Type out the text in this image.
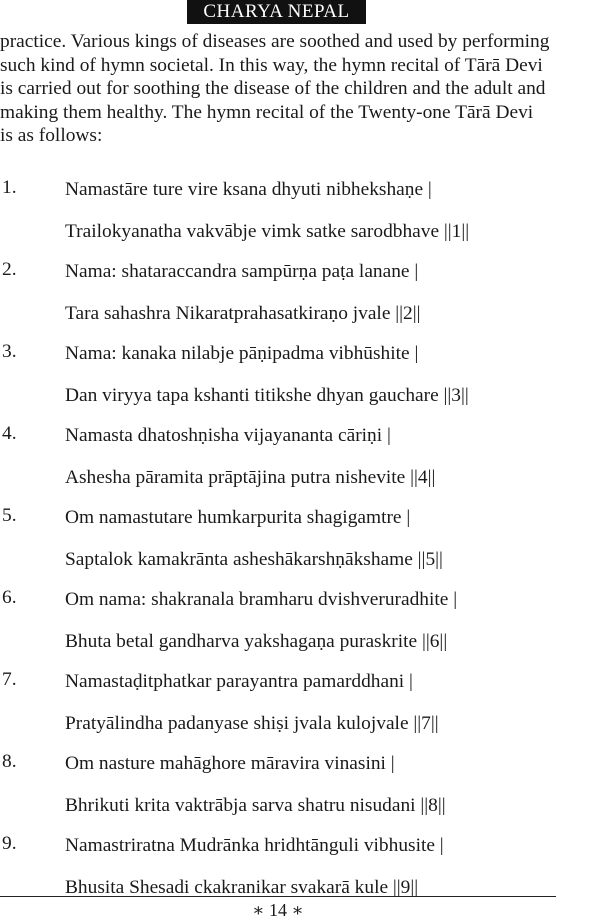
CHARYA NEPAL
practice. Various kings of diseases are soothed and used by performing
such kind of hymn societal. In this way, the hymn recital of Tārā Devi
is carried out for soothing the disease of the children and the adult and
making them healthy. The hymn recital of the Twenty-one Tārā Devi
is as follows:
1. Namastāre ture vire ksana dhyuti nibhekshaṇe |
Trailokyanatha vakvābje vimk satke sarodbhave ||1||
2. Nama: shataraccandra sampūrṇa paṭa lanane |
Tara sahashra Nikaratprahasatkiraṇo jvale ||2||
3. Nama: kanaka nilabje pāṇipadma vibhūshite |
Dan viryya tapa kshanti titikshe dhyan gauchare ||3||
4. Namasta dhatoshṇisha vijayananta cāriṇi |
Ashesha pāramita prāptājina putra nishevite ||4||
5. Om namastutare humkarpurita shagigamtre |
Saptalok kamakrānta asheshākarshṇākshame ||5||
6. Om nama: shakranala bramharu dvishveruradhite |
Bhuta betal gandharva yakshagaṇa puraskrite ||6||
7. Namastaḍitphatkar parayantra pamarddhani |
Pratyālindha padanyase shiṣi jvala kulojvale ||7||
8. Om nasture mahāghore māravira vinasini |
Bhrikuti krita vaktrābja sarva shatru nisudani ||8||
9. Namastriratna Mudrānka hridhtānguli vibhusite |
Bhusita Shesadi ckakranikar svakarā kule ||9||
∗ 14 ∗
